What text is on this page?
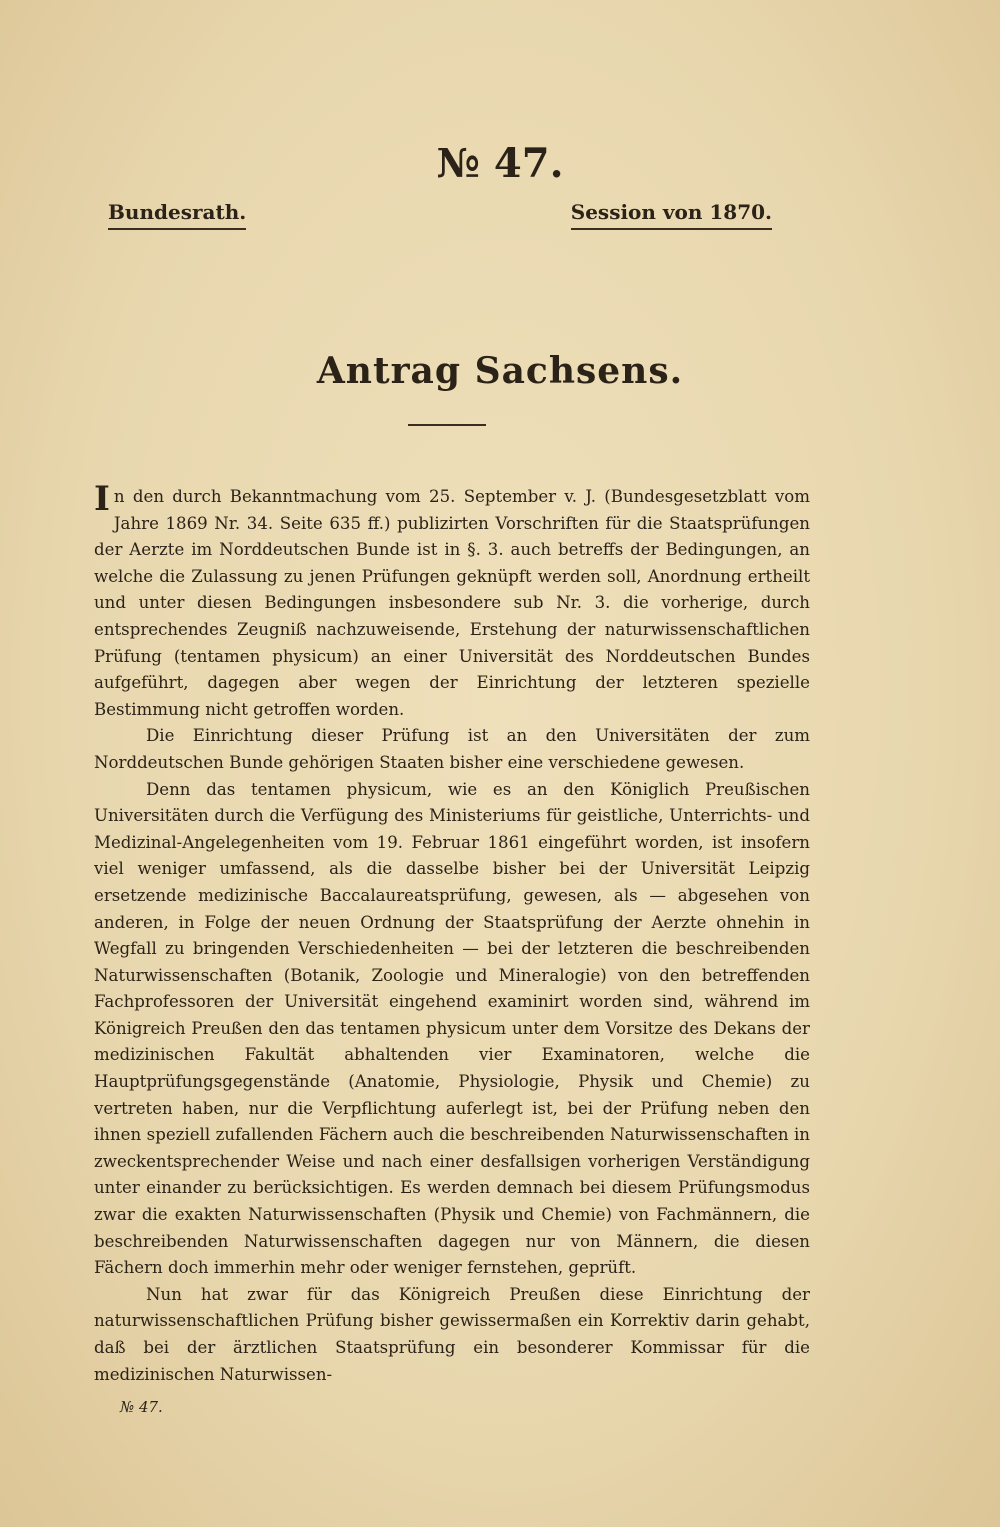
№ 47.
Bundesrath.	Session von 1870.
Antrag Sachsens.

In den durch Bekanntmachung vom 25. September v. J. (Bundesgesetzblatt vom Jahre 1869 Nr. 34. Seite 635 ff.) publizirten Vorschriften für die Staatsprüfungen der Aerzte im Norddeutschen Bunde ist in §. 3. auch betreffs der Bedingungen, an welche die Zulassung zu jenen Prüfungen geknüpft werden soll, Anordnung ertheilt und unter diesen Bedingungen insbesondere sub Nr. 3. die vorherige, durch entsprechendes Zeugniß nachzuweisende, Erstehung der naturwissenschaftlichen Prüfung (tentamen physicum) an einer Universität des Norddeutschen Bundes aufgeführt, dagegen aber wegen der Einrichtung der letzteren spezielle Bestimmung nicht getroffen worden.

Die Einrichtung dieser Prüfung ist an den Universitäten der zum Norddeutschen Bunde gehörigen Staaten bisher eine verschiedene gewesen.

Denn das tentamen physicum, wie es an den Königlich Preußischen Universitäten durch die Verfügung des Ministeriums für geistliche, Unterrichts- und Medizinal-Angelegenheiten vom 19. Februar 1861 eingeführt worden, ist insofern viel weniger umfassend, als die dasselbe bisher bei der Universität Leipzig ersetzende medizinische Baccalaureatsprüfung, gewesen, als — abgesehen von anderen, in Folge der neuen Ordnung der Staatsprüfung der Aerzte ohnehin in Wegfall zu bringenden Verschiedenheiten — bei der letzteren die beschreibenden Naturwissenschaften (Botanik, Zoologie und Mineralogie) von den betreffenden Fachprofessoren der Universität eingehend examinirt worden sind, während im Königreich Preußen den das tentamen physicum unter dem Vorsitze des Dekans der medizinischen Fakultät abhaltenden vier Examinatoren, welche die Hauptprüfungsgegenstände (Anatomie, Physiologie, Physik und Chemie) zu vertreten haben, nur die Verpflichtung auferlegt ist, bei der Prüfung neben den ihnen speziell zufallenden Fächern auch die beschreibenden Naturwissenschaften in zweckentsprechender Weise und nach einer desfallsigen vorherigen Verständigung unter einander zu berücksichtigen. Es werden demnach bei diesem Prüfungsmodus zwar die exakten Naturwissenschaften (Physik und Chemie) von Fachmännern, die beschreibenden Naturwissenschaften dagegen nur von Männern, die diesen Fächern doch immerhin mehr oder weniger fernstehen, geprüft.

Nun hat zwar für das Königreich Preußen diese Einrichtung der naturwissenschaftlichen Prüfung bisher gewissermaßen ein Korrektiv darin gehabt, daß bei der ärztlichen Staatsprüfung ein besonderer Kommissar für die medizinischen Naturwissen-

№ 47.
